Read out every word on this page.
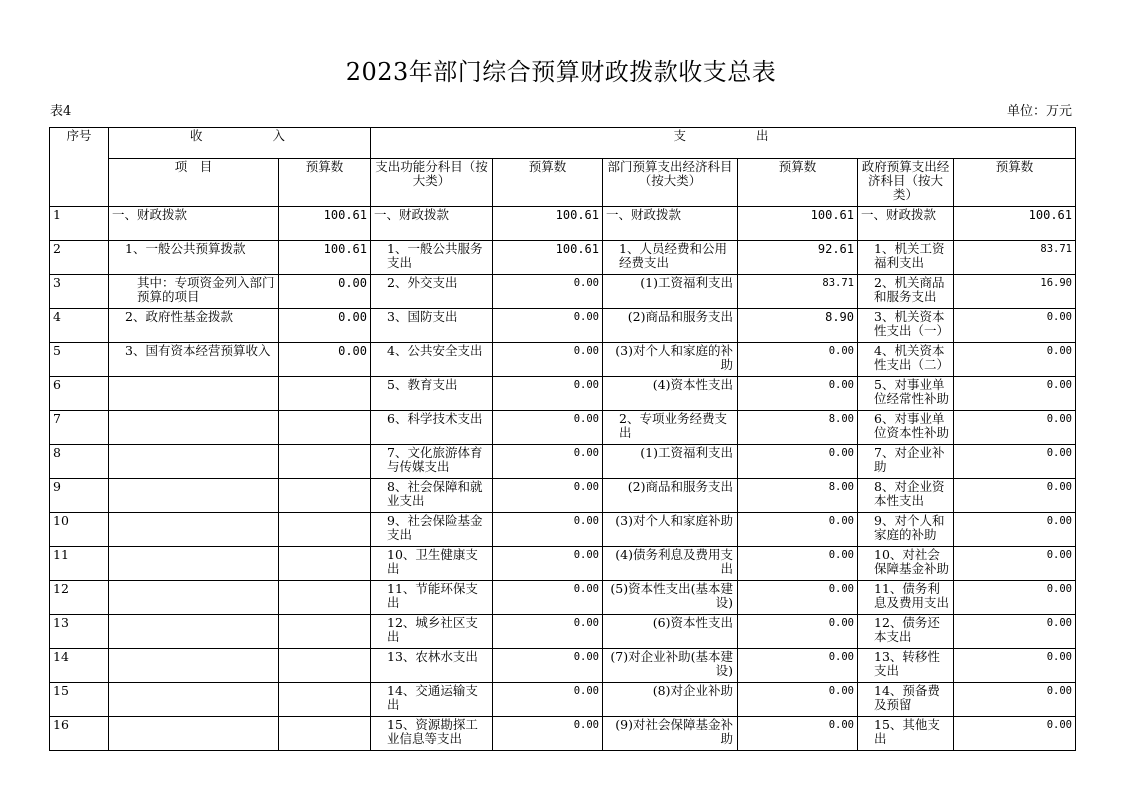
2023年部门综合预算财政拨款收支总表
表4	单位：万元
序号	收　　　　入		支　　　　出					
	项　目	预算数	支出功能分科目（按大类）	预算数	部门预算支出经济科目（按大类）	预算数	政府预算支出经济科目（按大类）	预算数
1	一、财政拨款	100.61	一、财政拨款	100.61	一、财政拨款	100.61	一、财政拨款	100.61
2	1、一般公共预算拨款	100.61	1、一般公共服务支出	100.61	1、人员经费和公用经费支出	92.61	1、机关工资福利支出	83.71
3	其中：专项资金列入部门预算的项目	0.00	2、外交支出	0.00	(1)工资福利支出	83.71	2、机关商品和服务支出	16.90
4	2、政府性基金拨款	0.00	3、国防支出	0.00	(2)商品和服务支出	8.90	3、机关资本性支出（一）	0.00
5	3、国有资本经营预算收入	0.00	4、公共安全支出	0.00	(3)对个人和家庭的补助	0.00	4、机关资本性支出（二）	0.00
6			5、教育支出	0.00	(4)资本性支出	0.00	5、对事业单位经常性补助	0.00
7			6、科学技术支出	0.00	2、专项业务经费支出	8.00	6、对事业单位资本性补助	0.00
8			7、文化旅游体育与传媒支出	0.00	(1)工资福利支出	0.00	7、对企业补助	0.00
9			8、社会保障和就业支出	0.00	(2)商品和服务支出	8.00	8、对企业资本性支出	0.00
10			9、社会保险基金支出	0.00	(3)对个人和家庭补助	0.00	9、对个人和家庭的补助	0.00
11			10、卫生健康支出	0.00	(4)债务利息及费用支出	0.00	10、对社会保障基金补助	0.00
12			11、节能环保支出	0.00	(5)资本性支出(基本建设)	0.00	11、债务利息及费用支出	0.00
13			12、城乡社区支出	0.00	(6)资本性支出	0.00	12、债务还本支出	0.00
14			13、农林水支出	0.00	(7)对企业补助(基本建设)	0.00	13、转移性支出	0.00
15			14、交通运输支出	0.00	(8)对企业补助	0.00	14、预备费及预留	0.00
16			15、资源勘探工业信息等支出	0.00	(9)对社会保障基金补助	0.00	15、其他支出	0.00
